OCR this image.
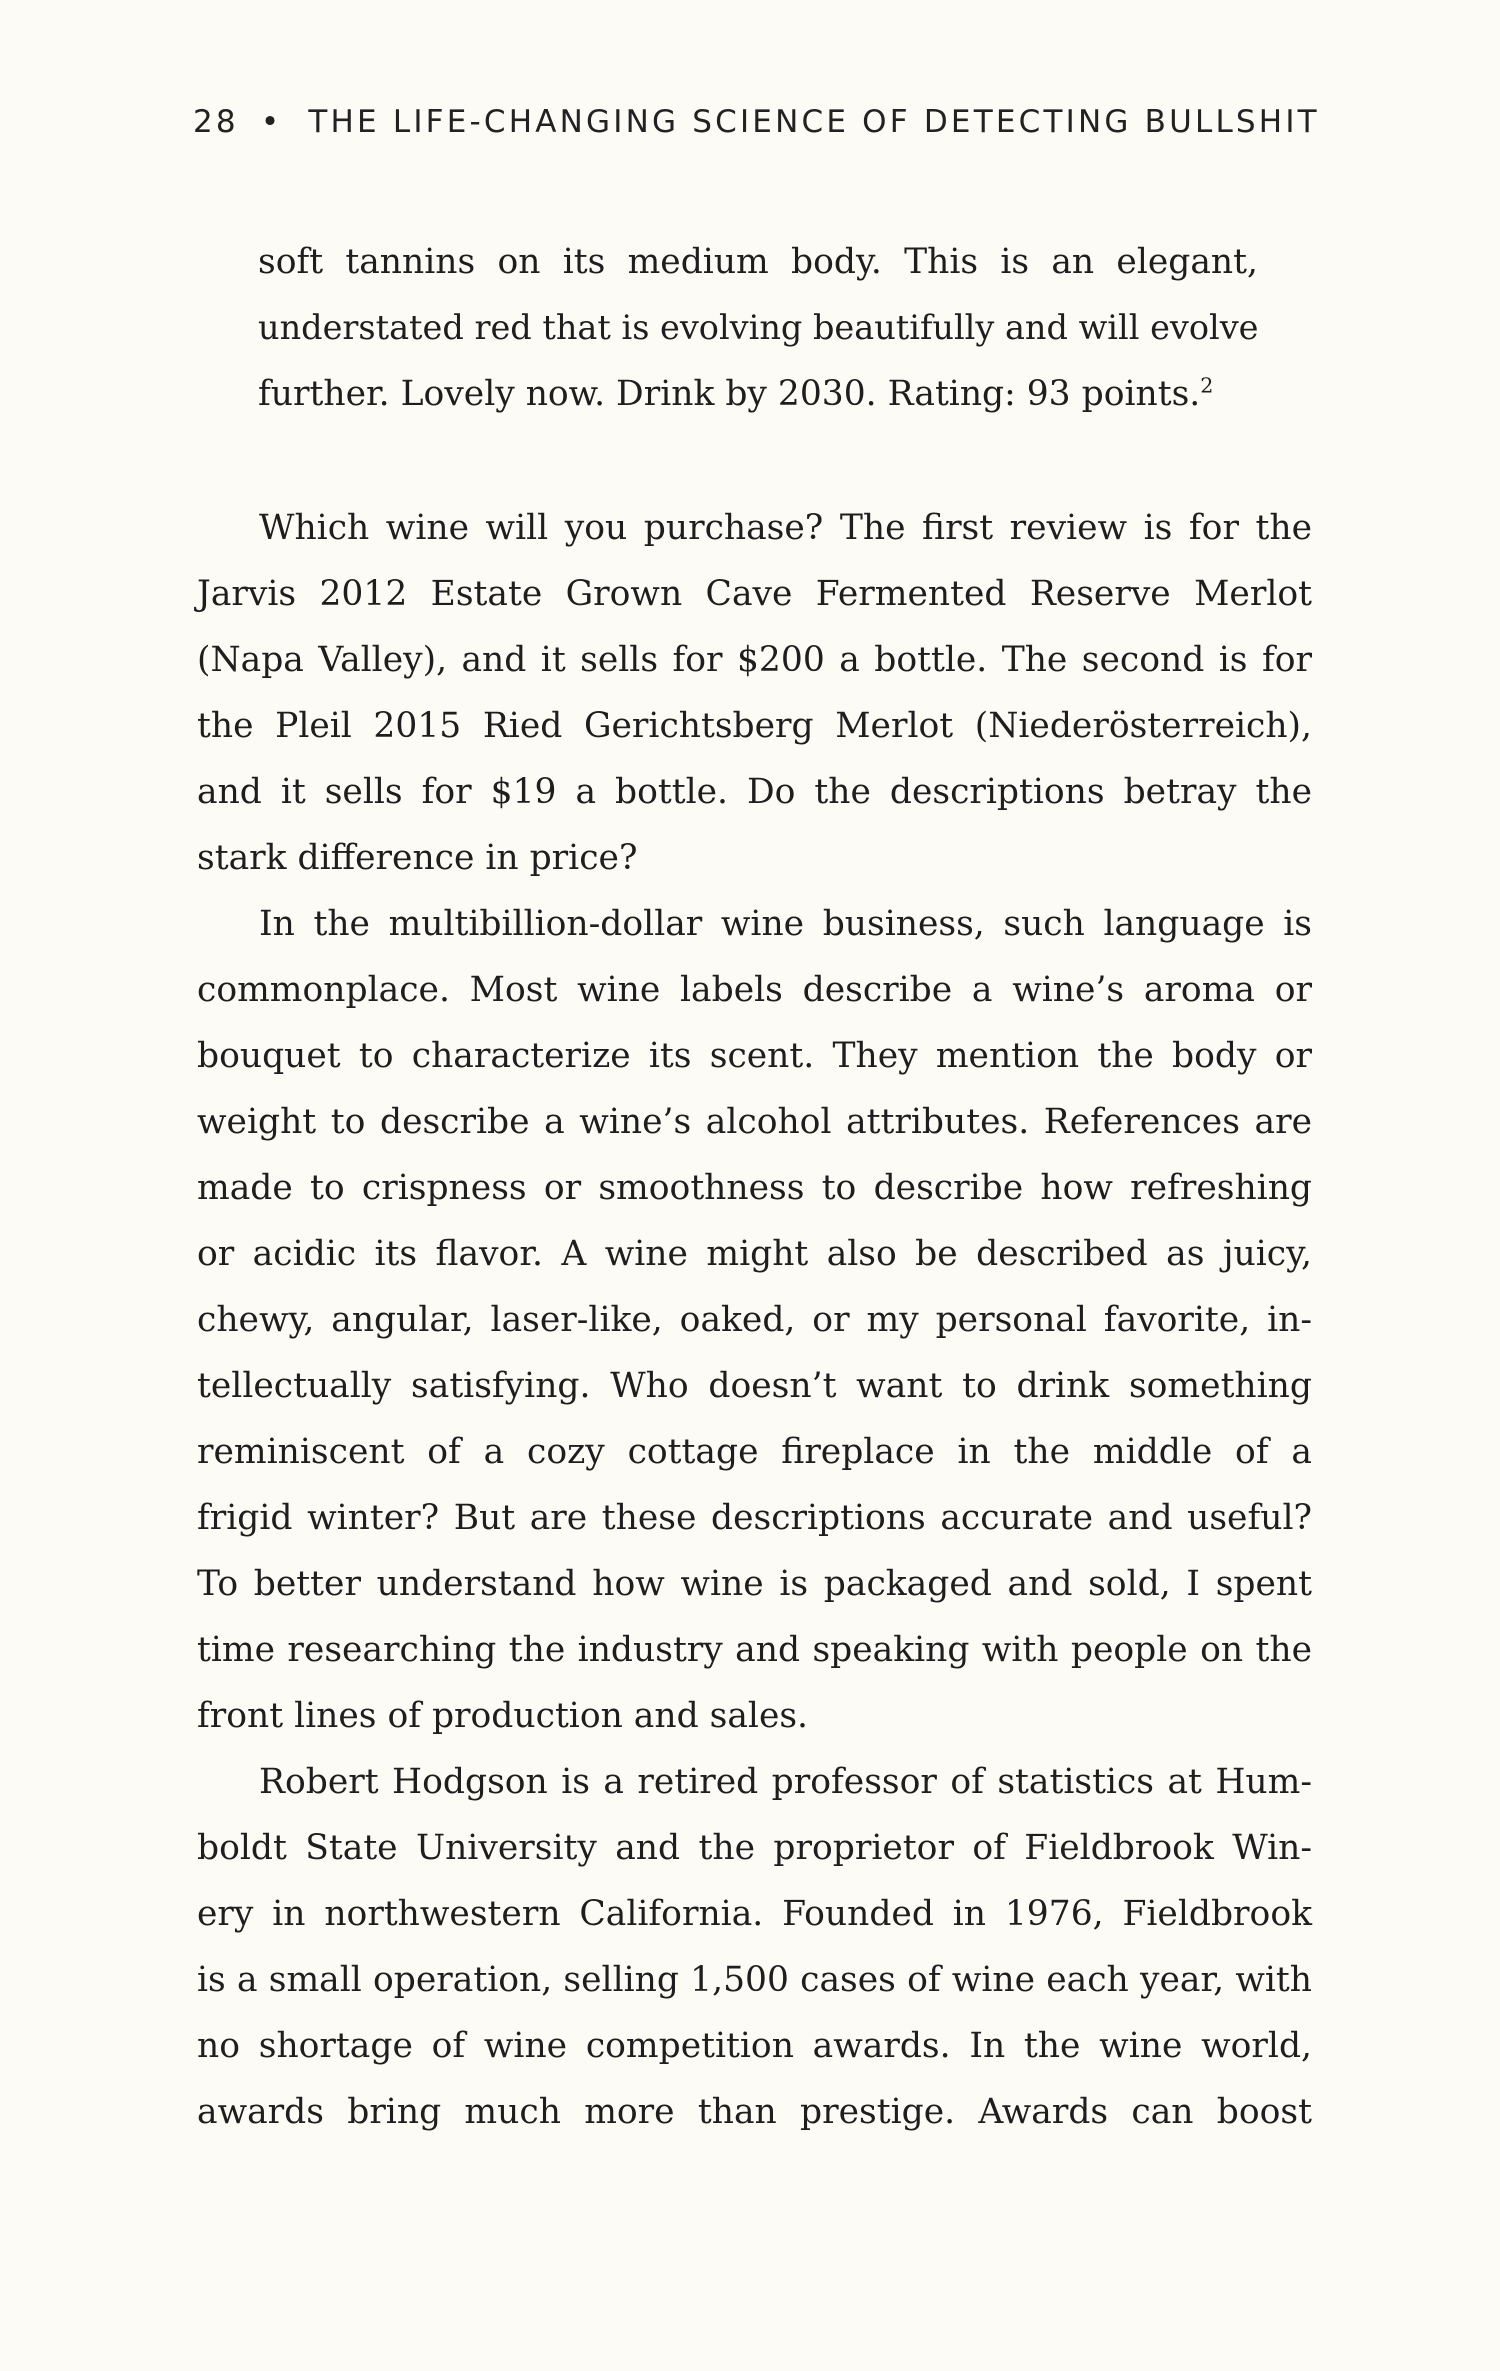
28 • THE LIFE-CHANGING SCIENCE OF DETECTING BULLSHIT
soft tannins on its medium body. This is an elegant,
understated red that is evolving beautifully and will evolve
further. Lovely now. Drink by 2030. Rating: 93 points.$^2$
Which wine will you purchase? The first review is for the
Jarvis 2012 Estate Grown Cave Fermented Reserve Merlot
(Napa Valley), and it sells for $200 a bottle. The second is for
the Pleil 2015 Ried Gerichtsberg Merlot (Niederösterreich),
and it sells for $19 a bottle. Do the descriptions betray the
stark difference in price?
In the multibillion-dollar wine business, such language is
commonplace. Most wine labels describe a wine’s aroma or
bouquet to characterize its scent. They mention the body or
weight to describe a wine’s alcohol attributes. References are
made to crispness or smoothness to describe how refreshing
or acidic its flavor. A wine might also be described as juicy,
chewy, angular, laser-like, oaked, or my personal favorite, in-
tellectually satisfying. Who doesn’t want to drink something
reminiscent of a cozy cottage fireplace in the middle of a
frigid winter? But are these descriptions accurate and useful?
To better understand how wine is packaged and sold, I spent
time researching the industry and speaking with people on the
front lines of production and sales.
Robert Hodgson is a retired professor of statistics at Hum-
boldt State University and the proprietor of Fieldbrook Win-
ery in northwestern California. Founded in 1976, Fieldbrook
is a small operation, selling 1,500 cases of wine each year, with
no shortage of wine competition awards. In the wine world,
awards bring much more than prestige. Awards can boost
